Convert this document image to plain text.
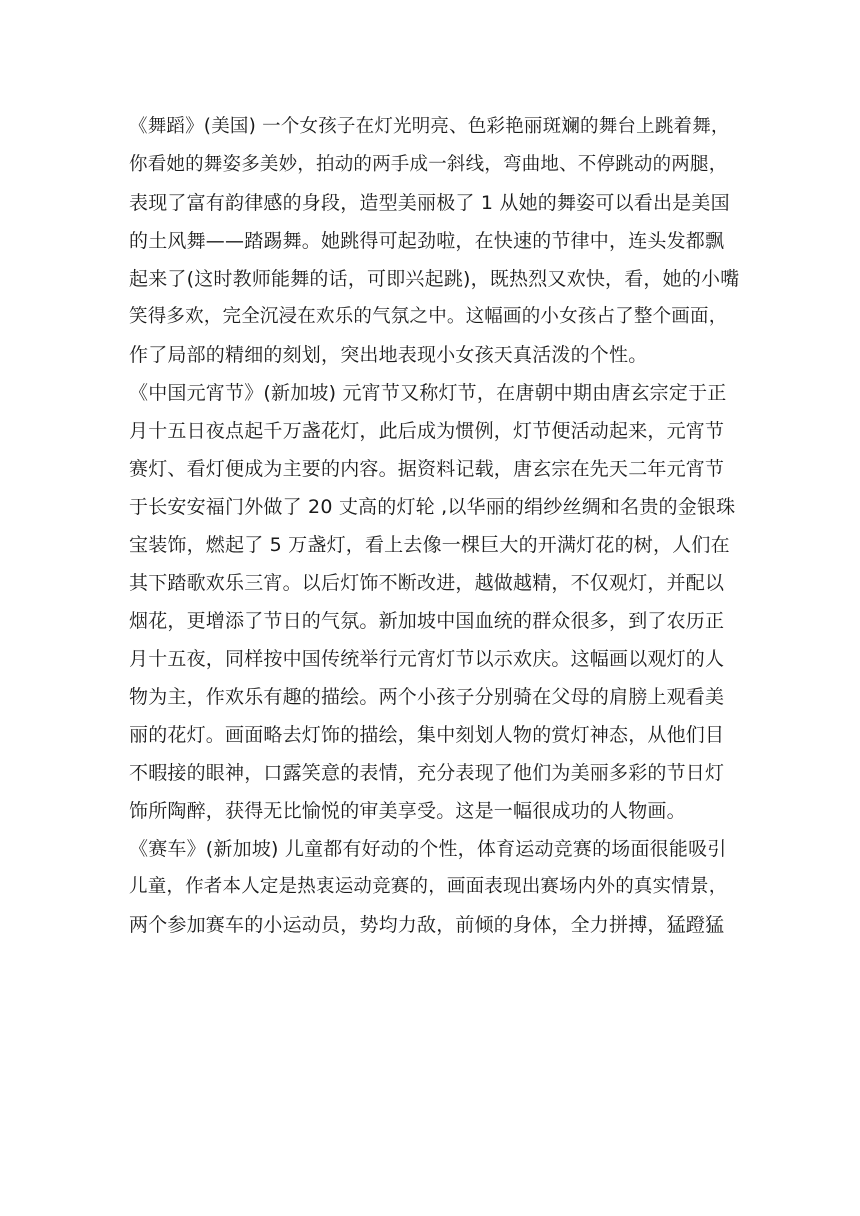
《舞蹈》(美国) 一个女孩子在灯光明亮、色彩艳丽斑斓的舞台上跳着舞，
你看她的舞姿多美妙，拍动的两手成一斜线，弯曲地、不停跳动的两腿，
表现了富有韵律感的身段，造型美丽极了 1 从她的舞姿可以看出是美国
的土风舞——踏踢舞。她跳得可起劲啦，在快速的节律中，连头发都飘
起来了(这时教师能舞的话，可即兴起跳)，既热烈又欢快，看，她的小嘴
笑得多欢，完全沉浸在欢乐的气氛之中。这幅画的小女孩占了整个画面，
作了局部的精细的刻划，突出地表现小女孩天真活泼的个性。
《中国元宵节》(新加坡) 元宵节又称灯节，在唐朝中期由唐玄宗定于正
月十五日夜点起千万盏花灯，此后成为惯例，灯节便活动起来，元宵节
赛灯、看灯便成为主要的内容。据资料记载，唐玄宗在先天二年元宵节
于长安安福门外做了 20 丈高的灯轮 ,以华丽的绢纱丝绸和名贵的金银珠
宝装饰，燃起了 5 万盏灯，看上去像一棵巨大的开满灯花的树，人们在
其下踏歌欢乐三宵。以后灯饰不断改进，越做越精，不仅观灯，并配以
烟花，更增添了节日的气氛。新加坡中国血统的群众很多，到了农历正
月十五夜，同样按中国传统举行元宵灯节以示欢庆。这幅画以观灯的人
物为主，作欢乐有趣的描绘。两个小孩子分别骑在父母的肩膀上观看美
丽的花灯。画面略去灯饰的描绘，集中刻划人物的赏灯神态，从他们目
不暇接的眼神，口露笑意的表情，充分表现了他们为美丽多彩的节日灯
饰所陶醉，获得无比愉悦的审美享受。这是一幅很成功的人物画。
《赛车》(新加坡) 儿童都有好动的个性，体育运动竞赛的场面很能吸引
儿童，作者本人定是热衷运动竞赛的，画面表现出赛场内外的真实情景，
两个参加赛车的小运动员，势均力敌，前倾的身体，全力拼搏，猛蹬猛
